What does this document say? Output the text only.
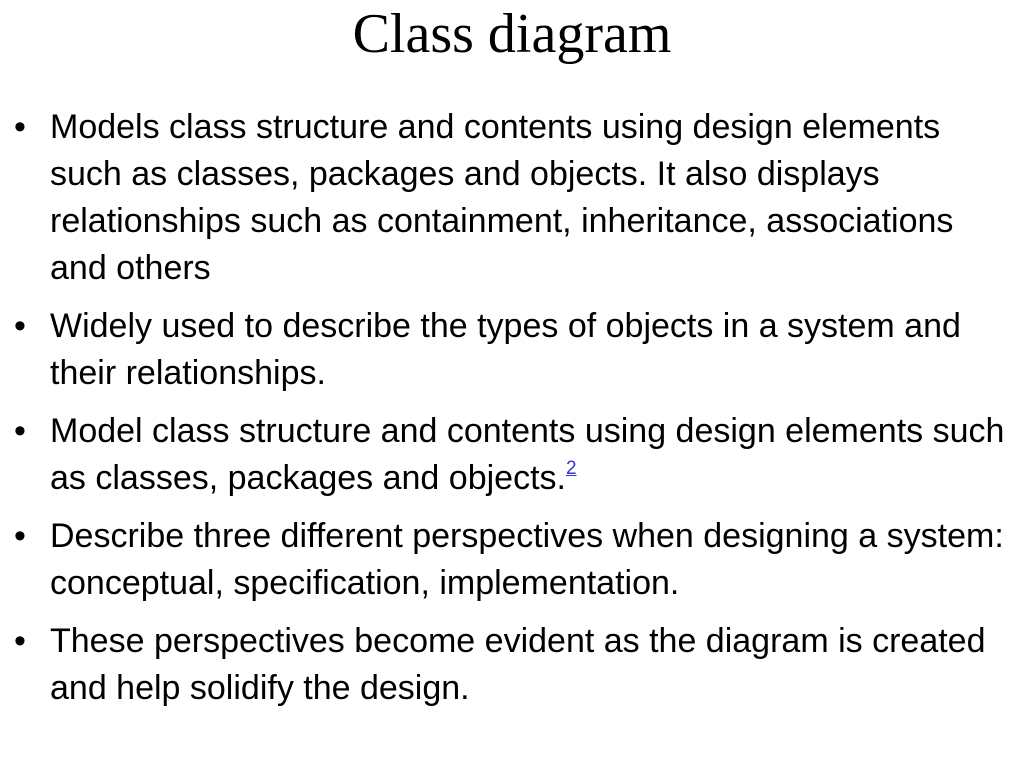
Class diagram
• Models class structure and contents using design elements such as classes, packages and objects. It also displays relationships such as containment, inheritance, associations and others
• Widely used to describe the types of objects in a system and their relationships.
• Model class structure and contents using design elements such as classes, packages and objects.$^2$
• Describe three different perspectives when designing a system: conceptual, specification, implementation.
• These perspectives become evident as the diagram is created and help solidify the design.
